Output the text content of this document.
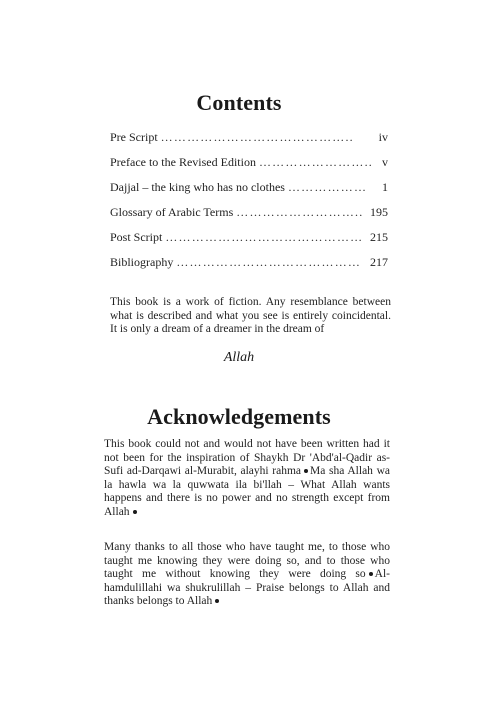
Contents
Pre Script ……………………………………..	iv
Preface to the Revised Edition …………………….. v
Dajjal – the king who has no clothes ………………	1
Glossary of Arabic Terms ……………………….. 195
Post Script ……………………………………… 215
Bibliography …………………………………… 217
This book is a work of fiction. Any resemblance between what is described and what you see is entirely coincidental. It is only a dream of a dreamer in the dream of
Allah
Acknowledgements
This book could not and would not have been written had it not been for the inspiration of Shaykh Dr 'Abd'al-Qadir as-Sufi ad-Darqawi al-Murabit, alayhi rahma Ma sha Allah wa la hawla wa la quwwata ila bi'llah – What Allah wants happens and there is no power and no strength except from Allah
Many thanks to all those who have taught me, to those who taught me knowing they were doing so, and to those who taught me without knowing they were doing so Al-hamdulillahi wa shukrulillah – Praise belongs to Allah and thanks belongs to Allah
